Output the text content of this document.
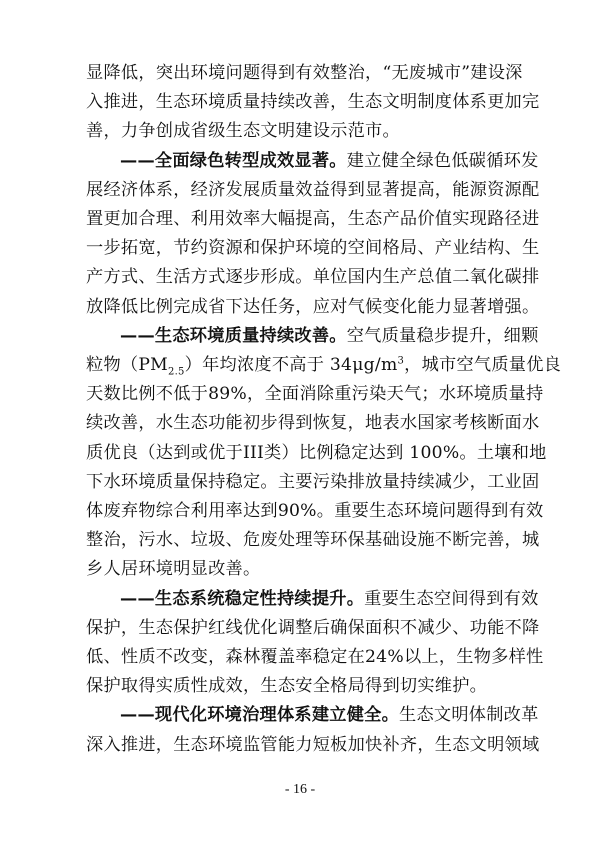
- 16 -
显降低，突出环境问题得到有效整治，“无废城市”建设深
入推进，生态环境质量持续改善，生态文明制度体系更加完
善，力争创成省级生态文明建设示范市。
——全面绿色转型成效显著。建立健全绿色低碳循环发
展经济体系，经济发展质量效益得到显著提高，能源资源配
置更加合理、利用效率大幅提高，生态产品价值实现路径进
一步拓宽，节约资源和保护环境的空间格局、产业结构、生
产方式、生活方式逐步形成。单位国内生产总值二氧化碳排
放降低比例完成省下达任务，应对气候变化能力显著增强。
——生态环境质量持续改善。空气质量稳步提升，细颗
粒物$(PM_{2.5})$年均浓度不高于 $34\mu g/m^3$，城市空气质量优良
天数比例不低于89%，全面消除重污染天气；水环境质量持
续改善，水生态功能初步得到恢复，地表水国家考核断面水
质优良（达到或优于III类）比例稳定达到 100%。土壤和地
下水环境质量保持稳定。主要污染排放量持续减少，工业固
体废弃物综合利用率达到90%。重要生态环境问题得到有效
整治，污水、垃圾、危废处理等环保基础设施不断完善，城
乡人居环境明显改善。
——生态系统稳定性持续提升。重要生态空间得到有效
保护，生态保护红线优化调整后确保面积不减少、功能不降
低、性质不改变，森林覆盖率稳定在24%以上，生物多样性
保护取得实质性成效，生态安全格局得到切实维护。
——现代化环境治理体系建立健全。生态文明体制改革
深入推进，生态环境监管能力短板加快补齐，生态文明领域
